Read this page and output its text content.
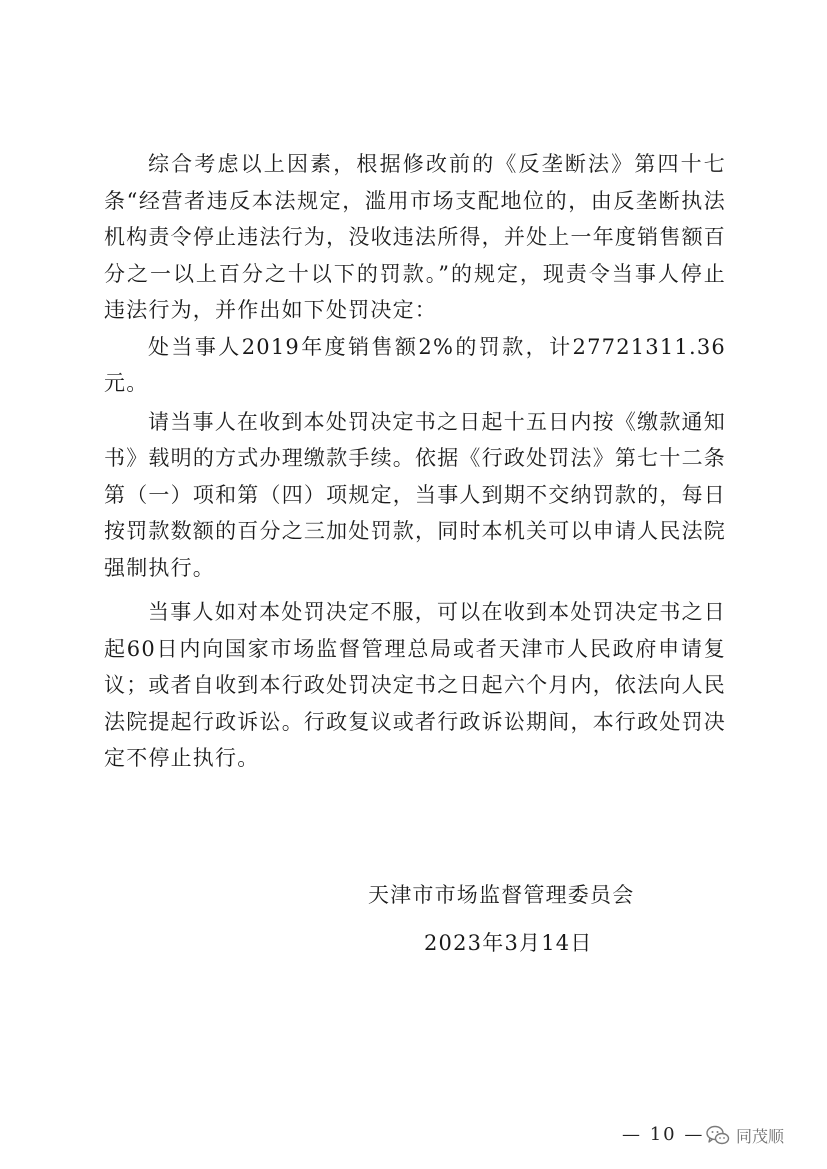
综合考虑以上因素，根据修改前的《反垄断法》第四十七条“经营者违反本法规定，滥用市场支配地位的，由反垄断执法机构责令停止违法行为，没收违法所得，并处上一年度销售额百分之一以上百分之十以下的罚款。”的规定，现责令当事人停止违法行为，并作出如下处罚决定：

处当事人2019年度销售额2%的罚款，计27721311.36元。

请当事人在收到本处罚决定书之日起十五日内按《缴款通知书》载明的方式办理缴款手续。依据《行政处罚法》第七十二条第（一）项和第（四）项规定，当事人到期不交纳罚款的，每日按罚款数额的百分之三加处罚款，同时本机关可以申请人民法院强制执行。

当事人如对本处罚决定不服，可以在收到本处罚决定书之日起60日内向国家市场监督管理总局或者天津市人民政府申请复议；或者自收到本行政处罚决定书之日起六个月内，依法向人民法院提起行政诉讼。行政复议或者行政诉讼期间，本行政处罚决定不停止执行。

天津市市场监督管理委员会
2023年3月14日
— 10 — 同茂顺
